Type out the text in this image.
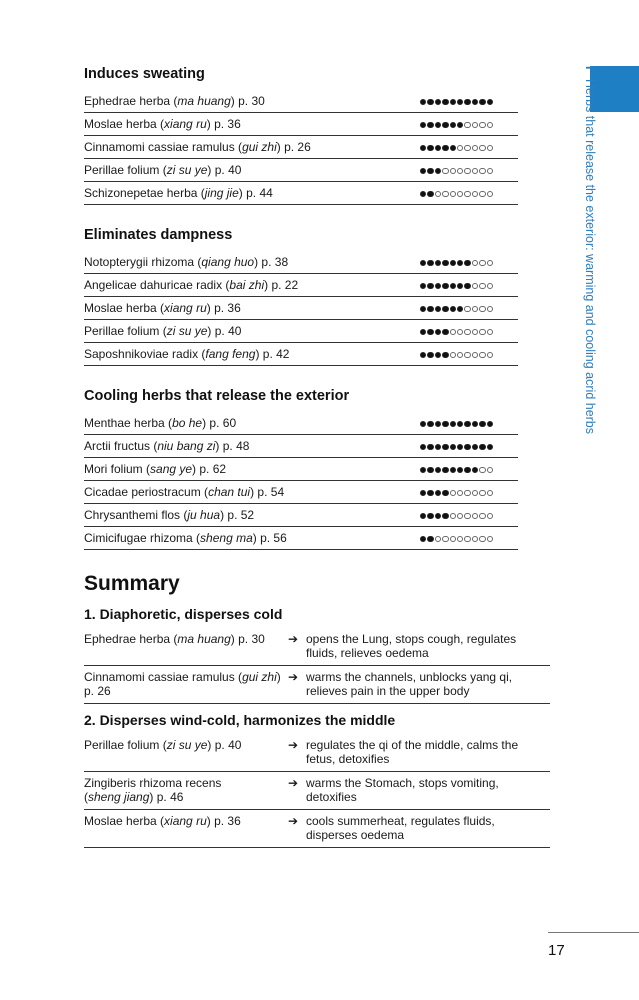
I Herbs that release the exterior: warming and cooling acrid herbs
Induces sweating
Ephedrae herba (ma huang) p. 30	

Moslae herba (xiang ru) p. 36	

Cinnamomi cassiae ramulus (gui zhi) p. 26	

Perillae folium (zi su ye) p. 40	

Schizonepetae herba (jing jie) p. 44	
Eliminates dampness
Notopterygii rhizoma (qiang huo) p. 38	

Angelicae dahuricae radix (bai zhi) p. 22	

Moslae herba (xiang ru) p. 36	

Perillae folium (zi su ye) p. 40	

Saposhnikoviae radix (fang feng) p. 42	
Cooling herbs that release the exterior
Menthae herba (bo he) p. 60	

Arctii fructus (niu bang zi) p. 48	

Mori folium (sang ye) p. 62	

Cicadae periostracum (chan tui) p. 54	

Chrysanthemi flos (ju hua) p. 52	

Cimicifugae rhizoma (sheng ma) p. 56	
Summary
1. Diaphoretic, disperses cold
Ephedrae herba (ma huang) p. 30	➔	opens the Lung, stops cough, regulates
fluids, relieves oedema
Cinnamomi cassiae ramulus (gui zhi)
p. 26	➔	warms the channels, unblocks yang qi,
relieves pain in the upper body
2. Disperses wind-cold, harmonizes the middle
Perillae folium (zi su ye) p. 40	➔	regulates the qi of the middle, calms the
fetus, detoxifies
Zingiberis rhizoma recens
(sheng jiang) p. 46	➔	warms the Stomach, stops vomiting,
detoxifies
Moslae herba (xiang ru) p. 36	➔	cools summerheat, regulates fluids,
disperses oedema
17
